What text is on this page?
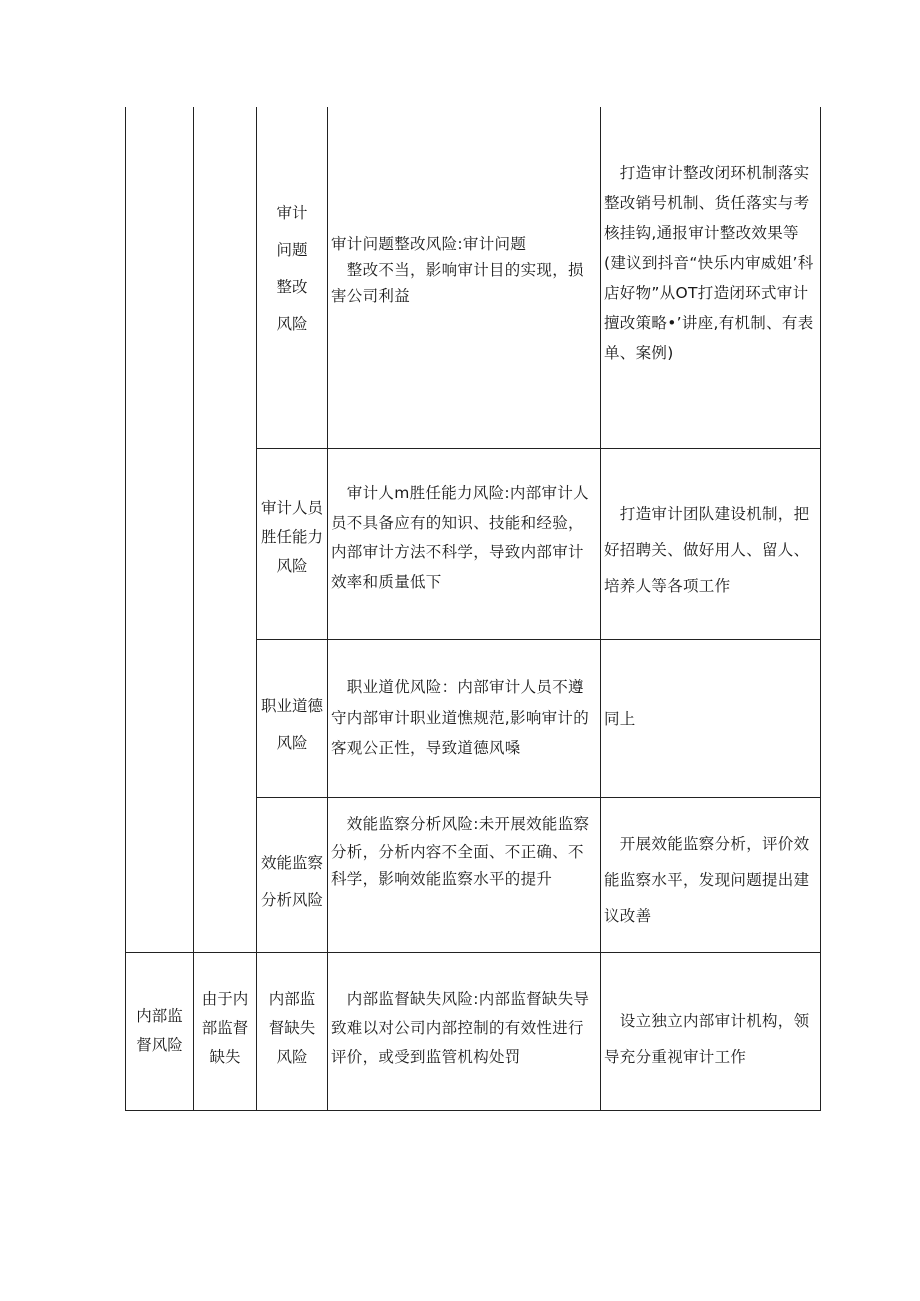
审计
问题
整改
风险
审计问题整改风险:审计问题
　整改不当，影响审计目的实现，损害公司利益
　打造审计整改闭环机制落实整改销号机制、货任落实与考核挂钩,通报审计整改效果等(建议到抖音“快乐内审威姐’科店好物”从OT打造闭环式审计擅改策略•’讲座,有机制、有表单、案例)
审计人员
胜任能力
风险
　审计人m胜任能力风险:内部审计人员不具备应有的知识、技能和经验，内部审计方法不科学，导致内部审计效率和质量低下
　打造审计团队建设机制，把好招聘关、做好用人、留人、培养人等各项工作
职业道德
风险
　职业道优风险：内部审计人员不遵守内部审计职业道憔规范,影响审计的客观公正性，导致道德风嗓
同上
效能监察
分析风险
　效能监察分析风险:未开展效能监察分析，分析内容不全面、不正确、不科学，影响效能监察水平的提升
　开展效能监察分析，评价效能监察水平，发现问题提出建议改善
内部监
督风险
由于内
部监督
缺失
内部监
督缺失
风险
　内部监督缺失风险:内部监督缺失导致难以对公司内部控制的有效性进行评价，或受到监管机构处罚
　设立独立内部审计机构，领导充分重视审计工作
